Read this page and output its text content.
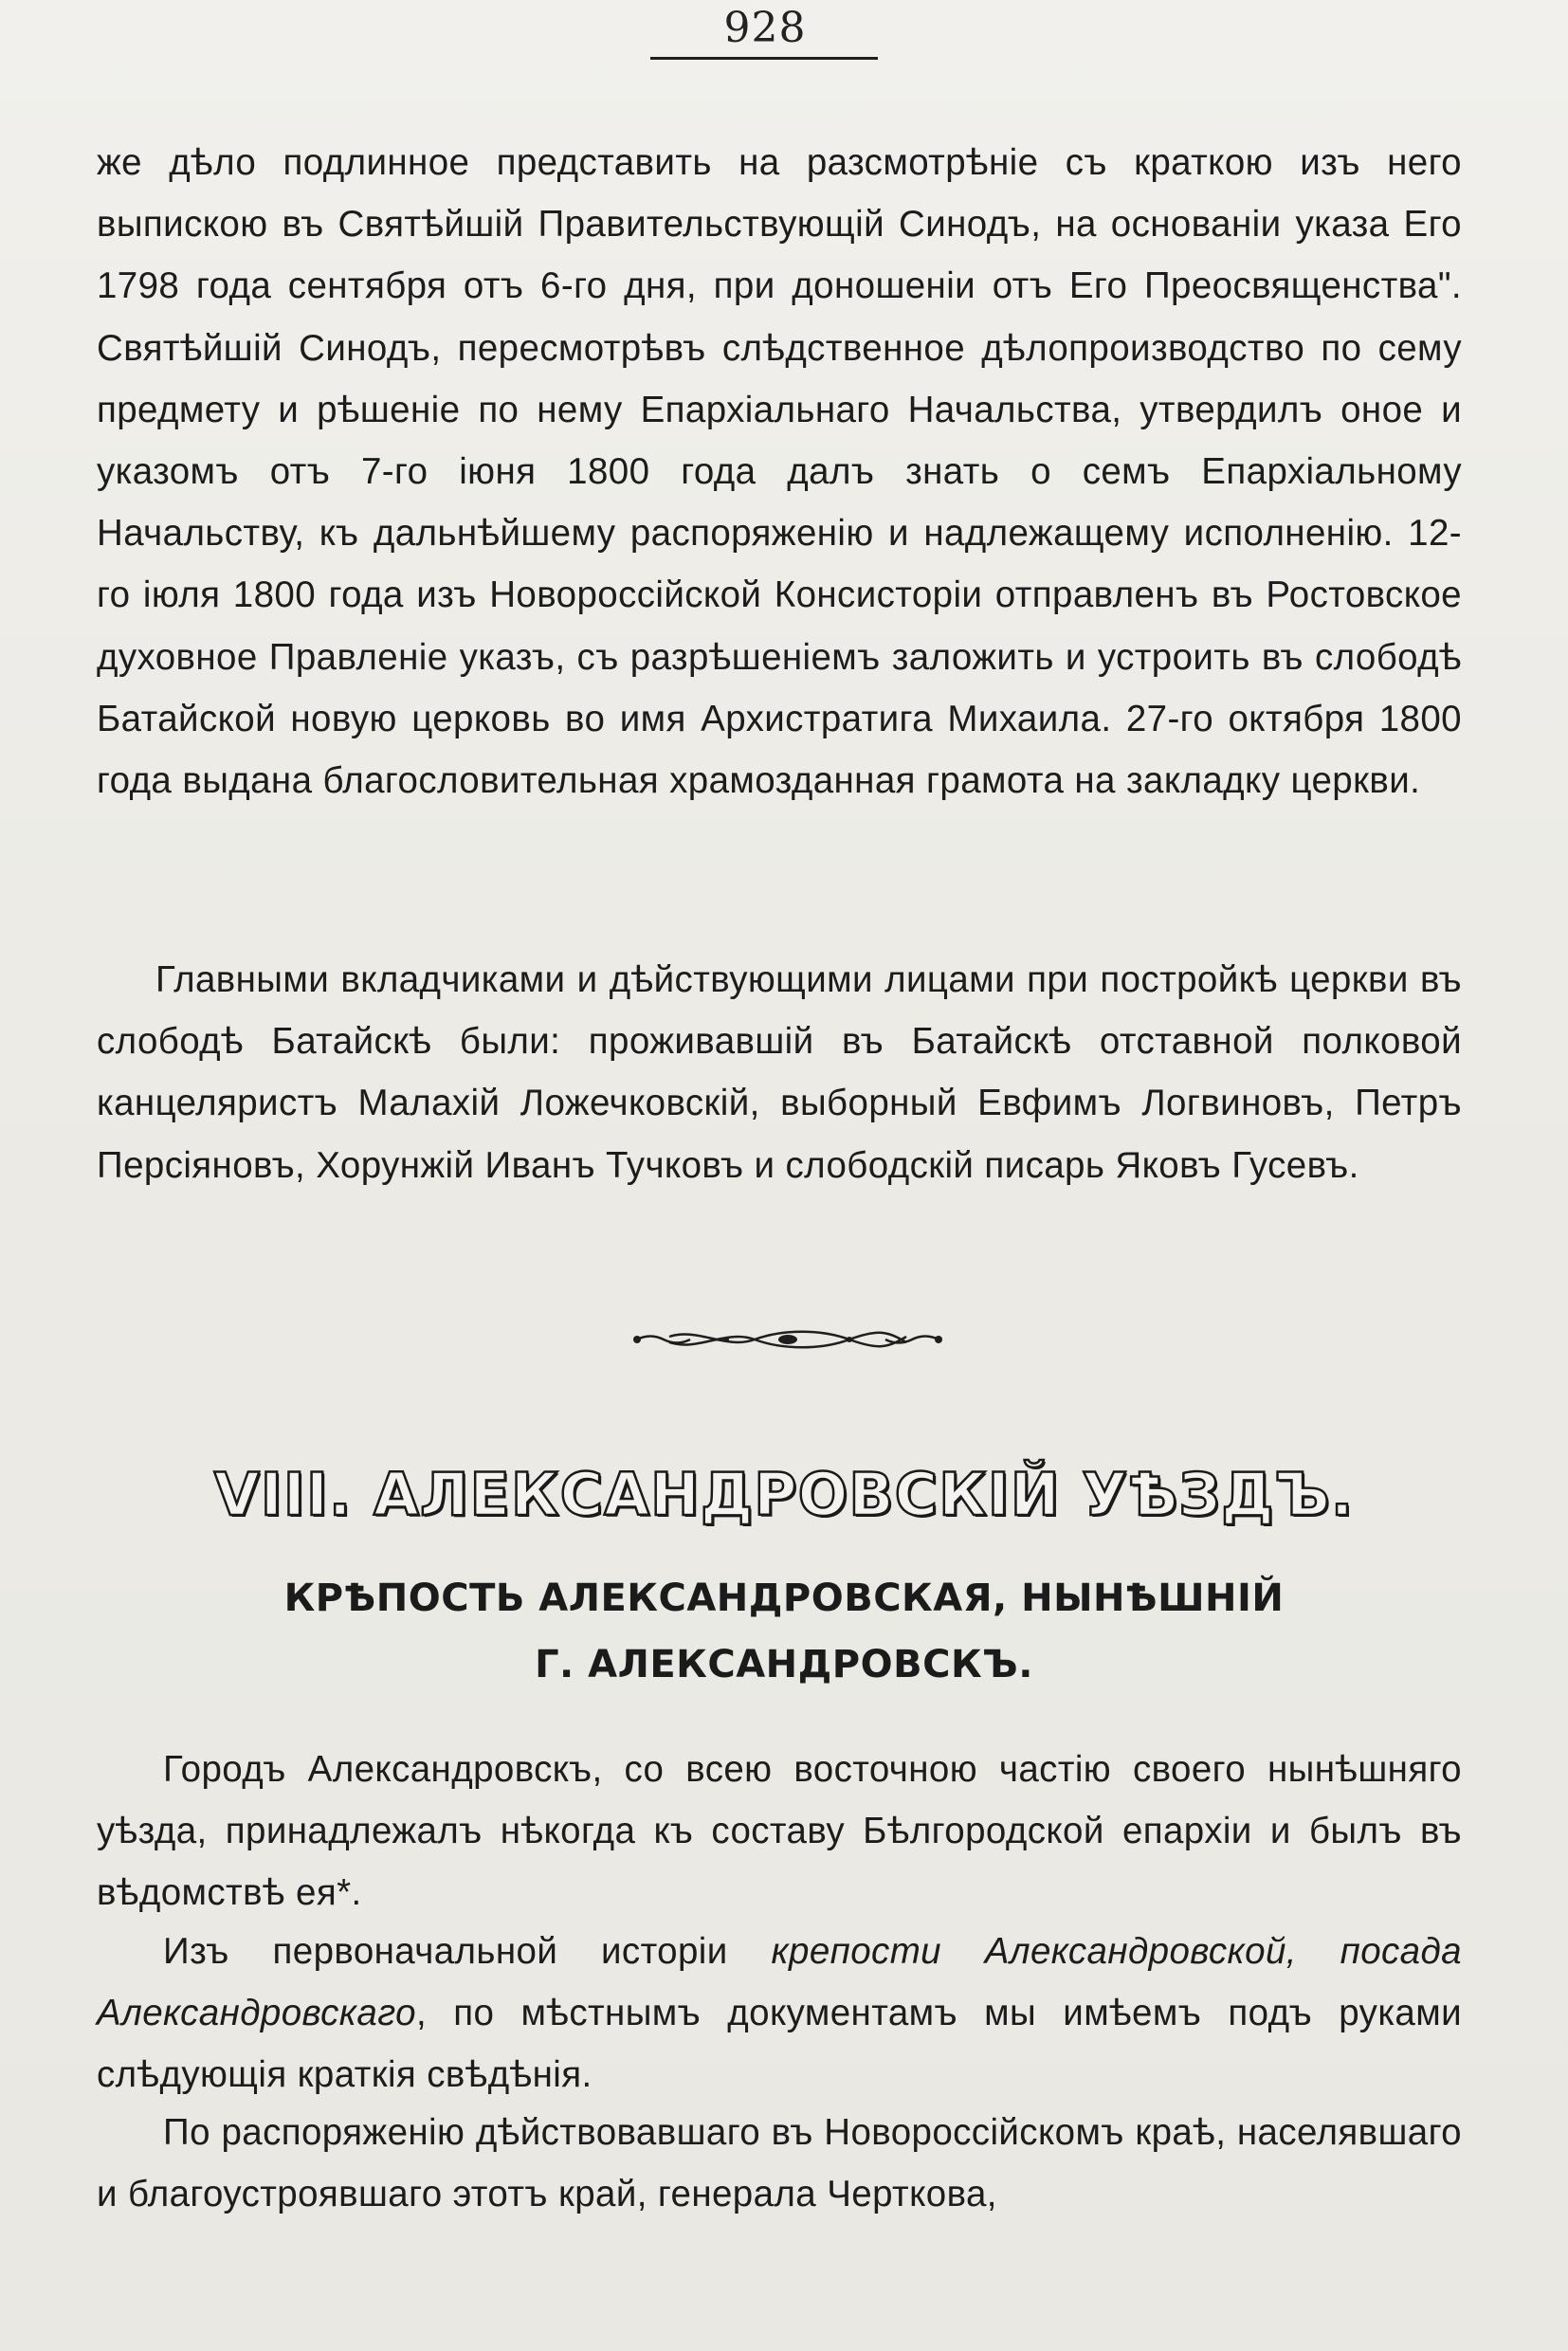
928

же дѣло подлинное представить на разсмотрѣніе съ краткою изъ него выпискою въ Святѣйшій Правительствующій Синодъ, на основаніи указа Его 1798 года сентября отъ 6-го дня, при доношеніи отъ Его Преосвященства". Святѣйшій Синодъ, пересмотрѣвъ слѣдственное дѣлопроизводство по сему предмету и рѣшеніе по нему Епархіальнаго Начальства, утвердилъ оное и указомъ отъ 7-го іюня 1800 года далъ знать о семъ Епархіальному Начальству, къ дальнѣйшему распоряженію и надлежащему исполненію. 12-го іюля 1800 года изъ Новороссійской Консисторіи отправленъ въ Ростовское духовное Правленіе указъ, съ разрѣшеніемъ заложить и устроить въ слободѣ Батайской новую церковь во имя Архистратига Михаила. 27-го октября 1800 года выдана благословительная храмозданная грамота на закладку церкви.

Главными вкладчиками и дѣйствующими лицами при постройкѣ церкви въ слободѣ Батайскѣ были: проживавшій въ Батайскѣ отставной полковой канцеляристъ Малахій Ложечковскій, выборный Евфимъ Логвиновъ, Петръ Персіяновъ, Хорунжій Иванъ Тучковъ и слободскій писарь Яковъ Гусевъ.

VIII. АЛЕКСАНДРОВСКІЙ УѢЗДЪ.
КРѢПОСТЬ АЛЕКСАНДРОВСКАЯ, НЫНѢШНІЙ
Г. АЛЕКСАНДРОВСКЪ.

Городъ Александровскъ, со всею восточною частію своего нынѣшняго уѣзда, принадлежалъ нѣкогда къ составу Бѣлгородской епархіи и былъ въ вѣдомствѣ ея*.

Изъ первоначальной исторіи крепости Александровской, посада Александровскаго, по мѣстнымъ документамъ мы имѣемъ подъ руками слѣдующія краткія свѣдѣнія.

По распоряженію дѣйствовавшаго въ Новороссійскомъ краѣ, населявшаго и благоустроявшаго этотъ край, генерала Черткова,
